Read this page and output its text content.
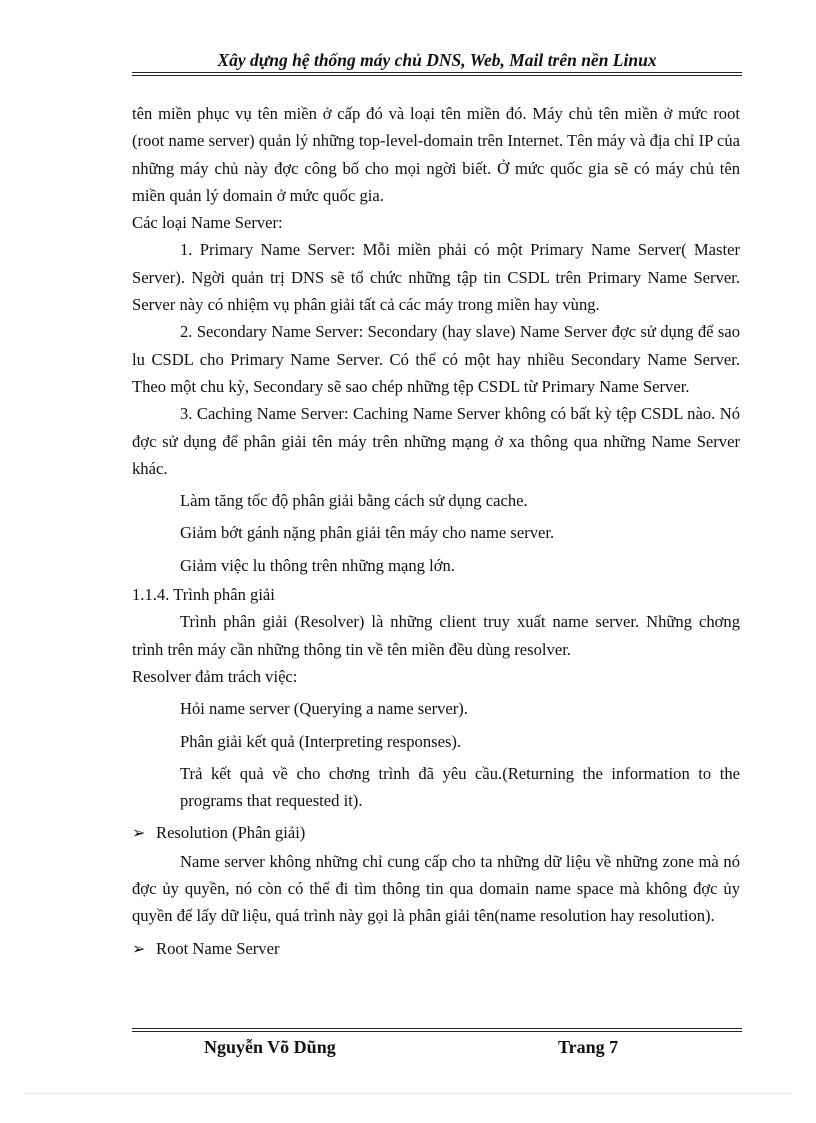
Xây dựng hệ thống máy chủ DNS, Web, Mail trên nền Linux

tên miền phục vụ tên miền ở cấp đó và loại tên miền đó. Máy chủ tên miền ở mức root (root name server) quản lý những top-level-domain trên Internet. Tên máy và địa chỉ IP của những máy chủ này đợc công bố cho mọi ngời biết. Ở mức quốc gia sẽ có máy chủ tên miền quản lý domain ở mức quốc gia.

Các loại Name Server:

1. Primary Name Server: Mỗi miền phải có một Primary Name Server( Master Server). Ngời quản trị DNS sẽ tổ chức những tập tin CSDL trên Primary Name Server. Server này có nhiệm vụ phân giải tất cả các máy trong miền hay vùng.

2. Secondary Name Server: Secondary (hay slave) Name Server đợc sử dụng để sao lu CSDL cho Primary Name Server. Có thể có một hay nhiều Secondary Name Server. Theo một chu kỳ, Secondary sẽ sao chép những tệp CSDL từ Primary Name Server.

3. Caching Name Server: Caching Name Server không có bất kỳ tệp CSDL nào. Nó đợc sử dụng để phân giải tên máy trên những mạng ở xa thông qua những Name Server khác.

Làm tăng tốc độ phân giải bằng cách sử dụng cache.

Giảm bớt gánh nặng phân giải tên máy cho name server.

Giảm việc lu thông trên những mạng lớn.

1.1.4. Trình phân giải

Trình phân giải (Resolver) là những client truy xuất name server. Những chơng trình trên máy cần những thông tin về tên miền đều dùng resolver.

Resolver đảm trách việc:

Hỏi name server (Querying a name server).

Phân giải kết quả (Interpreting responses).

Trả kết quả về cho chơng trình đã yêu cầu.(Returning the information to the programs that requested it).

➢ Resolution (Phân giải)

Name server không những chỉ cung cấp cho ta những dữ liệu về những zone mà nó đợc ủy quyền, nó còn có thể đi tìm thông tin qua domain name space mà không đợc ủy quyền để lấy dữ liệu, quá trình này gọi là phân giải tên(name resolution hay resolution).

➢ Root Name Server
Nguyễn Võ Dũng	Trang 7
